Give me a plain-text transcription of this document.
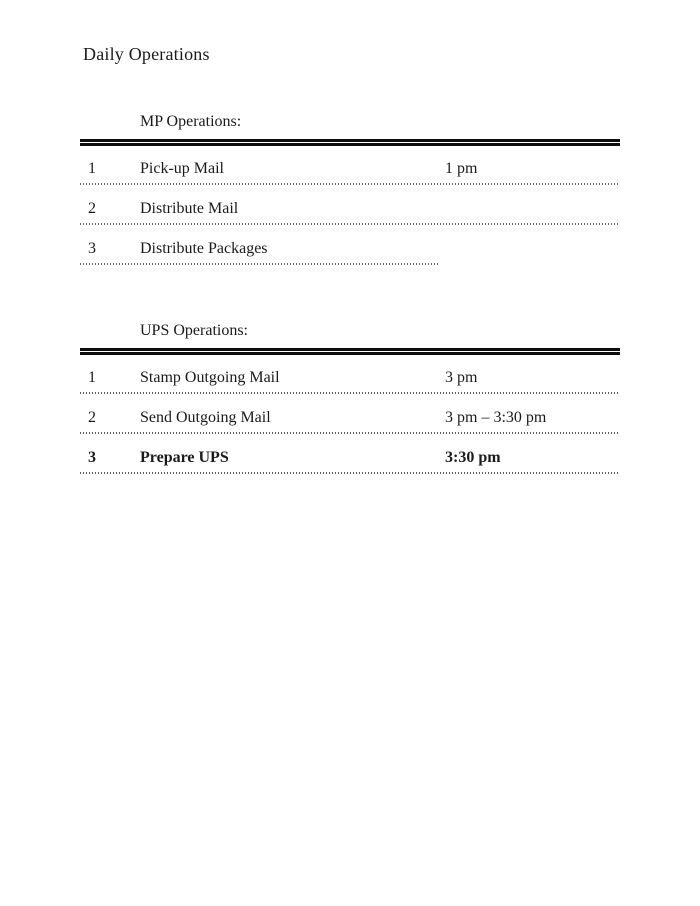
Daily Operations
MP Operations:
1	Pick-up Mail	1 pm
2	Distribute Mail
3	Distribute Packages
UPS Operations:
1	Stamp Outgoing Mail	3 pm
2	Send Outgoing Mail	3 pm – 3:30 pm
3	Prepare UPS	3:30 pm
